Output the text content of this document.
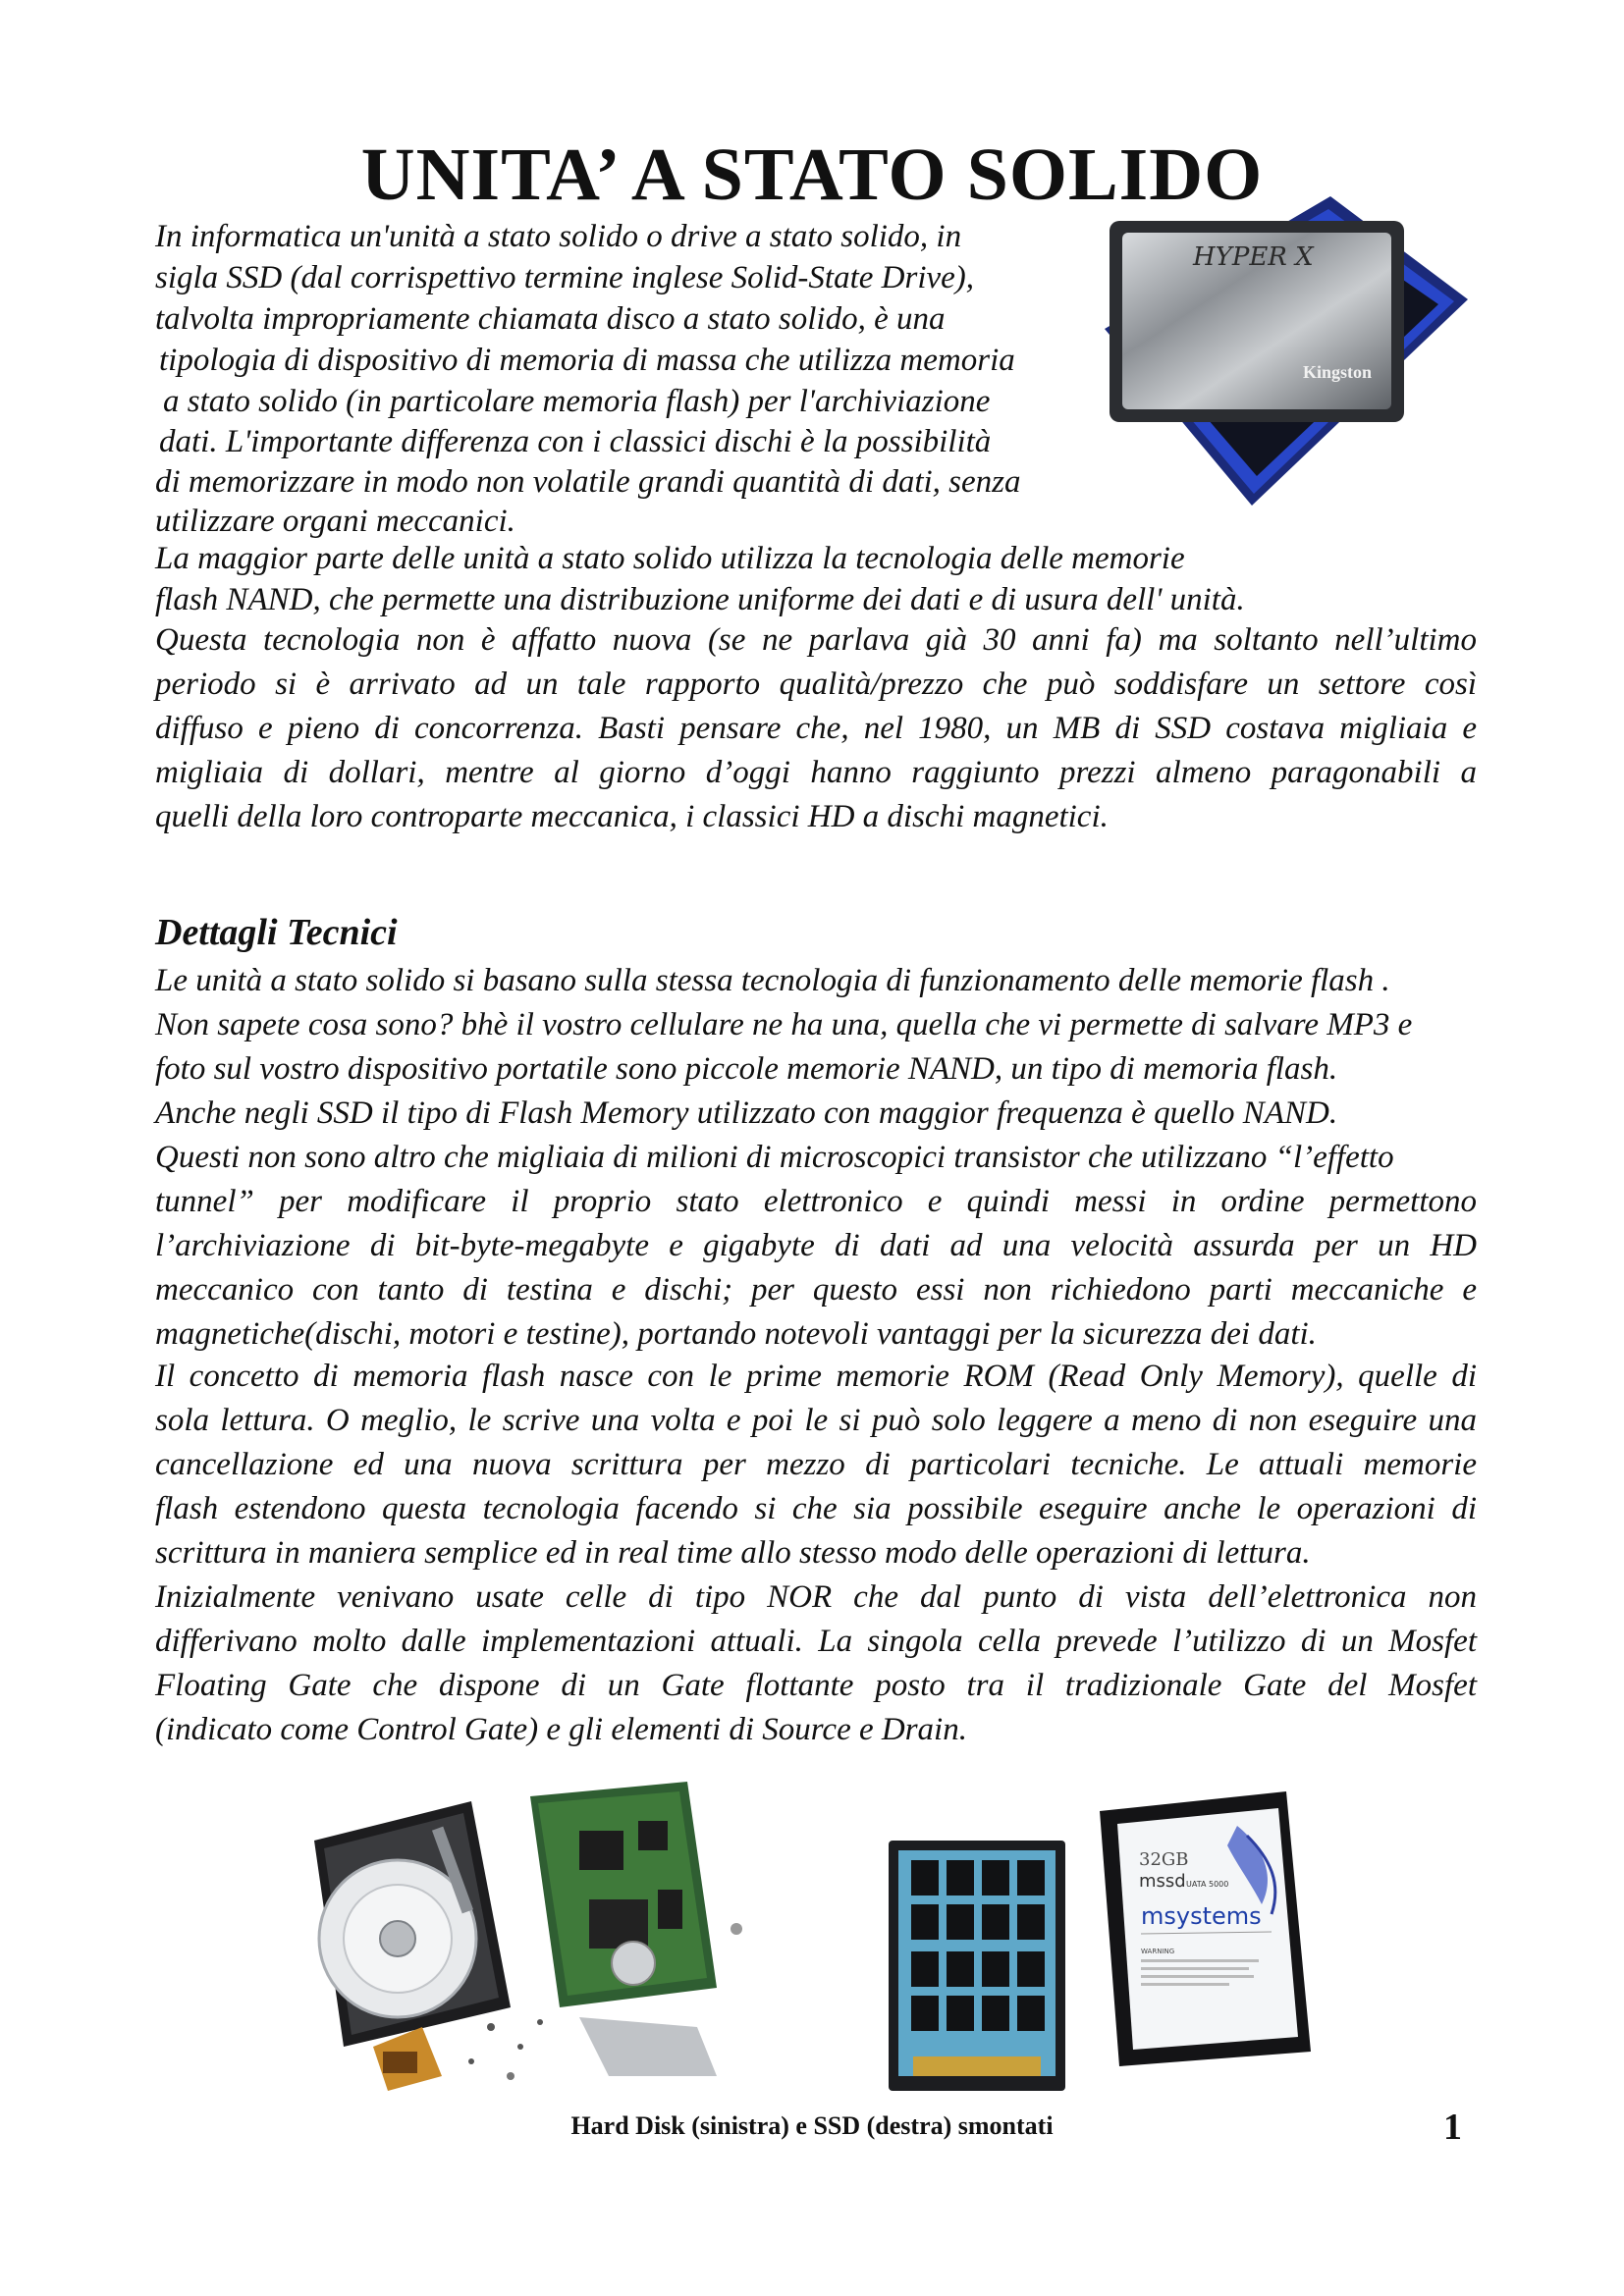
UNITA’ A STATO SOLIDO
HYPER X
Kingston
In informatica un'unità a stato solido o drive a stato solido, in
sigla SSD (dal corrispettivo termine inglese Solid-State Drive),
talvolta impropriamente chiamata disco a stato solido, è una
tipologia di dispositivo di memoria di massa che utilizza memoria
a stato solido (in particolare memoria flash) per l'archiviazione
dati. L'importante differenza con i classici dischi è la possibilità
di memorizzare in modo non volatile grandi quantità di dati, senza
utilizzare organi meccanici.
La maggior parte delle unità a stato solido utilizza la tecnologia delle memorie
flash NAND, che permette una distribuzione uniforme dei dati e di usura dell' unità.
Questa tecnologia non è affatto nuova (se ne parlava già 30 anni fa) ma soltanto nell’ultimo
periodo si è arrivato ad un tale rapporto qualità/prezzo che può soddisfare un settore così
diffuso e pieno di concorrenza. Basti pensare che, nel 1980, un MB di SSD costava migliaia e
migliaia di dollari, mentre al giorno d’oggi hanno raggiunto prezzi almeno paragonabili a
quelli della loro controparte meccanica, i classici HD a dischi magnetici.
Dettagli Tecnici
Le unità a stato solido si basano sulla stessa tecnologia di funzionamento delle memorie flash .
Non sapete cosa sono? bhè il vostro cellulare ne ha una, quella che vi permette di salvare MP3 e
foto sul vostro dispositivo portatile sono piccole memorie NAND, un tipo di memoria flash.
Anche negli SSD il tipo di Flash Memory utilizzato con maggior frequenza è quello NAND.
Questi non sono altro che migliaia di milioni di microscopici transistor che utilizzano “l’effetto
tunnel” per modificare il proprio stato elettronico e quindi messi in ordine permettono
l’archiviazione di bit-byte-megabyte e gigabyte di dati ad una velocità assurda per un HD
meccanico con tanto di testina e dischi; per questo essi non richiedono parti meccaniche e
magnetiche(dischi, motori e testine), portando notevoli vantaggi per la sicurezza dei dati.
Il concetto di memoria flash nasce con le prime memorie ROM (Read Only Memory), quelle di
sola lettura. O meglio, le scrive una volta e poi le si può solo leggere a meno di non eseguire una
cancellazione ed una nuova scrittura per mezzo di particolari tecniche. Le attuali memorie
flash estendono questa tecnologia facendo si che sia possibile eseguire anche le operazioni di
scrittura in maniera semplice ed in real time allo stesso modo delle operazioni di lettura.
Inizialmente venivano usate celle di tipo NOR che dal punto di vista dell’elettronica non
differivano molto dalle implementazioni attuali. La singola cella prevede l’utilizzo di un Mosfet
Floating Gate che dispone di un Gate flottante posto tra il tradizionale Gate del Mosfet
(indicato come Control Gate) e gli elementi di Source e Drain.
32GB
mssd UATA 5000
msystems
WARNING
Hard Disk (sinistra) e SSD (destra) smontati	1
